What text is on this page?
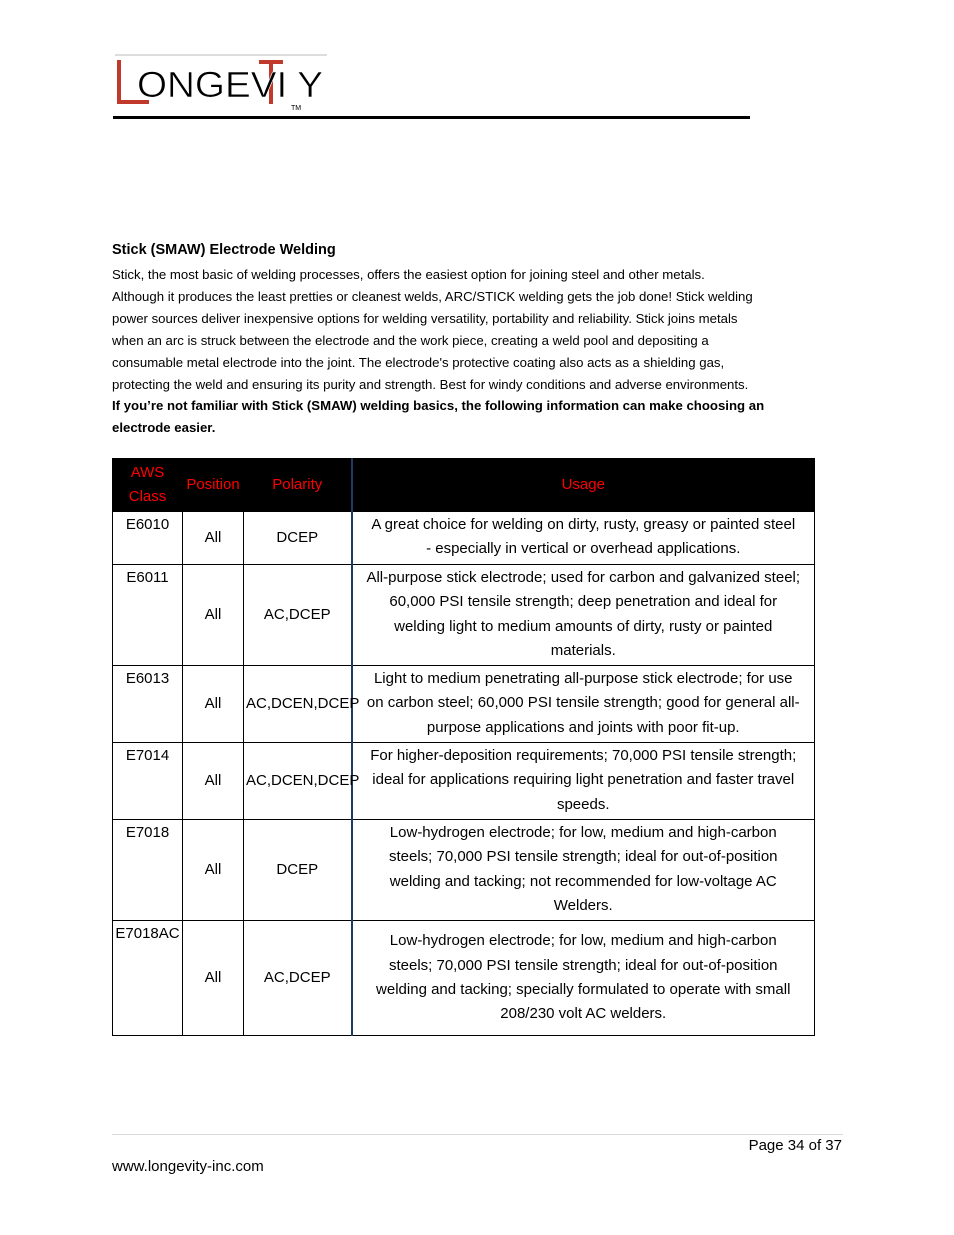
ONGEVI Y
TM
Stick (SMAW) Electrode Welding

Stick, the most basic of welding processes, offers the easiest option for joining steel and other metals.

Although it produces the least pretties or cleanest welds, ARC/STICK welding gets the job done! Stick welding

power sources deliver inexpensive options for welding versatility, portability and reliability. Stick joins metals

when an arc is struck between the electrode and the work piece, creating a weld pool and depositing a

consumable metal electrode into the joint. The electrode's protective coating also acts as a shielding gas,

protecting the weld and ensuring its purity and strength. Best for windy conditions and adverse environments.

If you’re not familiar with Stick (SMAW) welding basics, the following information can make choosing an

electrode easier.

AWS
Class	Position	Polarity	Usage
E6010	All	DCEP	A great choice for welding on dirty, rusty, greasy or painted steel
- especially in vertical or overhead applications.
E6011	All	AC,DCEP	All-purpose stick electrode; used for carbon and galvanized steel;
60,000 PSI tensile strength; deep penetration and ideal for
welding light to medium amounts of dirty, rusty or painted
materials.
E6013	All	AC,DCEN,DCEP	Light to medium penetrating all-purpose stick electrode; for use
on carbon steel; 60,000 PSI tensile strength; good for general all-
purpose applications and joints with poor fit-up.
E7014	All	AC,DCEN,DCEP	For higher-deposition requirements; 70,000 PSI tensile strength;
ideal for applications requiring light penetration and faster travel
speeds.
E7018	All	DCEP	Low-hydrogen electrode; for low, medium and high-carbon
steels; 70,000 PSI tensile strength; ideal for out-of-position
welding and tacking; not recommended for low-voltage AC
Welders.
E7018AC	All	AC,DCEP	Low-hydrogen electrode; for low, medium and high-carbon
steels; 70,000 PSI tensile strength; ideal for out-of-position
welding and tacking; specially formulated to operate with small
208/230 volt AC welders.
Page 34 of 37
www.longevity-inc.com
